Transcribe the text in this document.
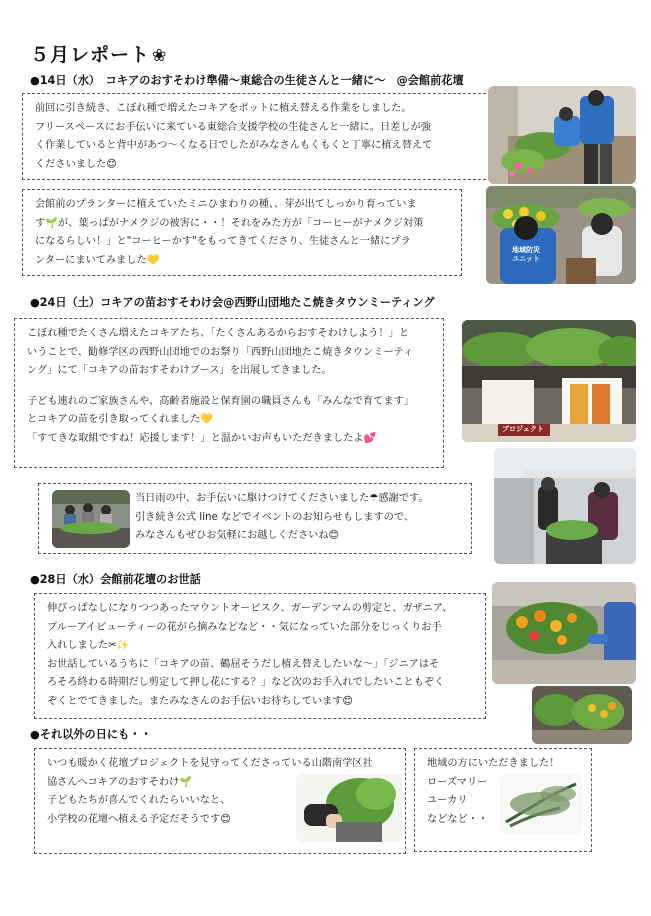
５月レポート ❀
●14日（水）　コキアのおすそわけ準備～東総合の生徒さんと一緒に～　@会館前花壇

前回に引き続き、こぼれ種で増えたコキアをポットに植え替える作業をしました。

フリースペースにお手伝いに来ている東総合支援学校の生徒さんと一緒に。日差しが強

く作業していると背中があつ～くなる日でしたがみなさんもくもくと丁寧に植え替えて

くださいました😊

会館前のプランターに植えていたミニひまわりの種、、芽が出てしっかり育っていま

す🌱が、葉っぱがナメクジの被害に・・！それをみた方が「コーヒーがナメクジ対策

になるらしい！」と"コーヒーかす"をもってきてくださり、生徒さんと一緒にプラ

ンターにまいてみました💛

地域防災
ユニット
●24日（土）コキアの苗おすそわけ会@西野山団地たこ焼きタウンミーティング

こぼれ種でたくさん増えたコキアたち、「たくさんあるからおすそわけしよう！」と

いうことで、勧修学区の西野山団地でのお祭り「西野山団地たこ焼きタウンミーティ

ング」にて「コキアの苗おすそわけブース」を出展してきました。

子ども連れのご家族さんや、高齢者施設と保育園の職員さんも「みんなで育てます」

とコキアの苗を引き取ってくれました💛

「すてきな取組ですね！応援します！」と温かいお声もいただきましたよ💕

プロジェクト

当日雨の中、お手伝いに駆けつけてくださいました☂感謝です。

引き続き公式 line などでイベントのお知らせもしますので、

みなさんもぜひお気軽にお越しくださいね😊

●28日（水）会館前花壇のお世話

伸びっぱなしになりつつあったマウントオービスク、ガーデンマムの剪定と、ガザニア、

ブルーアイビューティーの花がら摘みなどなど・・気になっていた部分をじっくりお手

入れしました✂✨

お世話しているうちに「コキアの苗、鶴屈そうだし植え替えしたいな～」「ジニアはそ

ろそろ終わる時期だし剪定して押し花にする？」など次のお手入れでしたいこともぞく

ぞくとでてきました。またみなさんのお手伝いお待ちしています😊

●それ以外の日にも・・

いつも暖かく花壇プロジェクトを見守ってくださっている山階南学区社

協さんへコキアのおすそわけ🌱

子どもたちが喜んでくれたらいいなと、

小学校の花壇へ植える予定だそうです😊

地域の方にいただきました！

ローズマリー

ユーカリ

などなど・・
